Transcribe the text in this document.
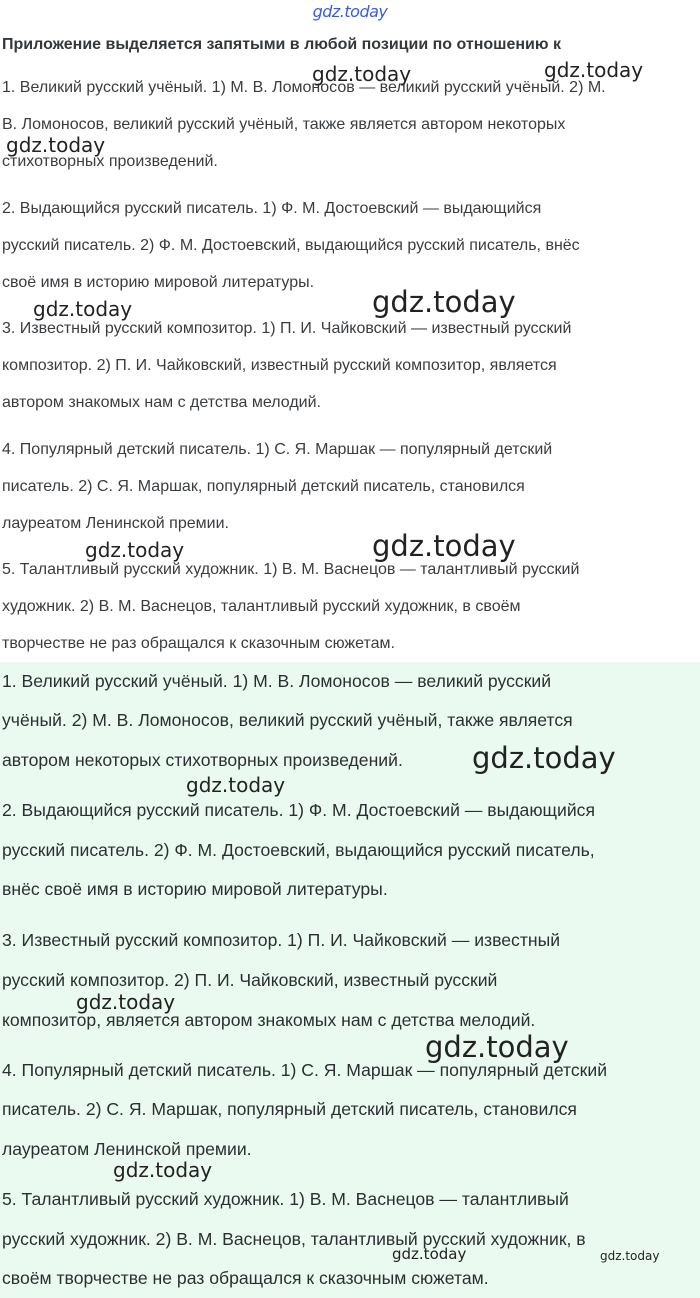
gdz.today
Приложение выделяется запятыми в любой позиции по отношению к
1. Великий русский учёный. 1) М. В. Ломоносов — великий русский учёный. 2) М.
В. Ломоносов, великий русский учёный, также является автором некоторых
стихотворных произведений.
2. Выдающийся русский писатель. 1) Ф. М. Достоевский — выдающийся
русский писатель. 2) Ф. М. Достоевский, выдающийся русский писатель, внёс
своё имя в историю мировой литературы.
3. Известный русский композитор. 1) П. И. Чайковский — известный русский
композитор. 2) П. И. Чайковский, известный русский композитор, является
автором знакомых нам с детства мелодий.
4. Популярный детский писатель. 1) С. Я. Маршак — популярный детский
писатель. 2) С. Я. Маршак, популярный детский писатель, становился
лауреатом Ленинской премии.
5. Талантливый русский художник. 1) В. М. Васнецов — талантливый русский
художник. 2) В. М. Васнецов, талантливый русский художник, в своём
творчестве не раз обращался к сказочным сюжетам.
1. Великий русский учёный. 1) М. В. Ломоносов — великий русский
учёный. 2) М. В. Ломоносов, великий русский учёный, также является
автором некоторых стихотворных произведений.
2. Выдающийся русский писатель. 1) Ф. М. Достоевский — выдающийся
русский писатель. 2) Ф. М. Достоевский, выдающийся русский писатель,
внёс своё имя в историю мировой литературы.
3. Известный русский композитор. 1) П. И. Чайковский — известный
русский композитор. 2) П. И. Чайковский, известный русский
композитор, является автором знакомых нам с детства мелодий.
4. Популярный детский писатель. 1) С. Я. Маршак — популярный детский
писатель. 2) С. Я. Маршак, популярный детский писатель, становился
лауреатом Ленинской премии.
5. Талантливый русский художник. 1) В. М. Васнецов — талантливый
русский художник. 2) В. М. Васнецов, талантливый русский художник, в
своём творчестве не раз обращался к сказочным сюжетам.
gdz.today	gdz.today
gdz.today
gdz.today	gdz.today
gdz.today	gdz.today
gdz.today
gdz.today
gdz.today
gdz.today
gdz.today
gdz.today	gdz.today
